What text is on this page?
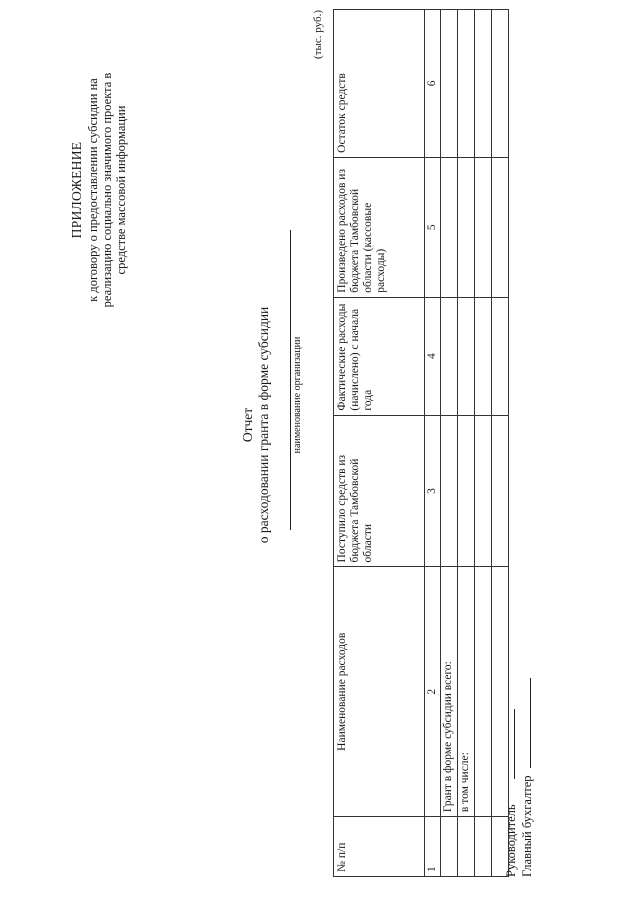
ПРИЛОЖЕНИЕ к договору о предоставлении субсидии на реализацию социально значимого проекта в средстве массовой информации
Отчет о расходовании гранта в форме субсидии наименование организации
(тыс. руб.)
№ п/п	Наименование расходов	Поступило средств из бюджета Тамбовской области	Фактические расходы (начислено) с начала года	Произведено расходов из бюджета Тамбовской области (кассовые расходы)	Остаток средств
1	2	3	4	5	6
	Грант в форме субсидии всего:				
	в том числе:				

Руководитель Главный бухгалтер
